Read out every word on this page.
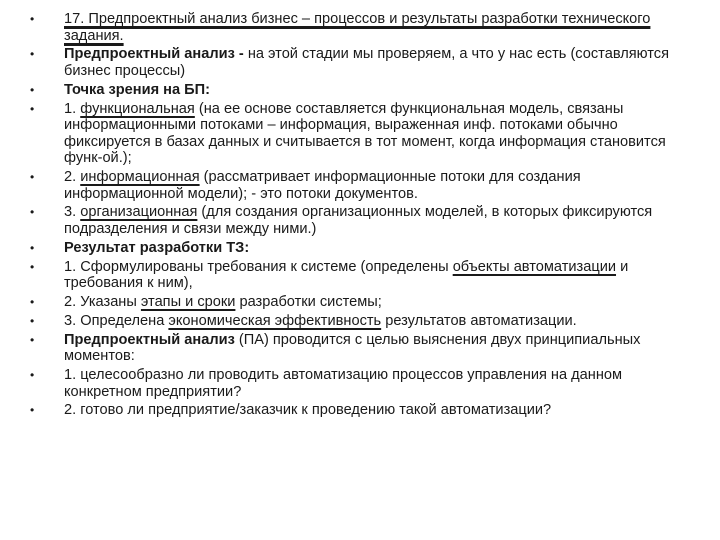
• 17. Предпроектный анализ бизнес – процессов и результаты разработки технического задания.
• Предпроектный анализ - на этой стадии мы проверяем, а что у нас есть (составляются бизнес процессы)
• Точка зрения на БП:
• 1. функциональная (на ее основе составляется функциональная модель, связаны информационными потоками – информация, выраженная инф. потоками обычно фиксируется в базах данных и считывается в тот момент, когда информация становится функ-ой.);
• 2. информационная (рассматривает информационные потоки для создания информационной модели); - это потоки документов.
• 3. организационная (для создания организационных моделей, в которых фиксируются подразделения и связи между ними.)
• Результат разработки ТЗ:
• 1. Сформулированы требования к системе (определены объекты автоматизации и требования к ним),
• 2. Указаны этапы и сроки разработки системы;
• 3. Определена экономическая эффективность результатов автоматизации.
• Предпроектный анализ (ПА) проводится с целью выяснения двух принципиальных моментов:
• 1. целесообразно ли проводить автоматизацию процессов управления на данном конкретном предприятии?
• 2. готово ли предприятие/заказчик к проведению такой автоматизации?
